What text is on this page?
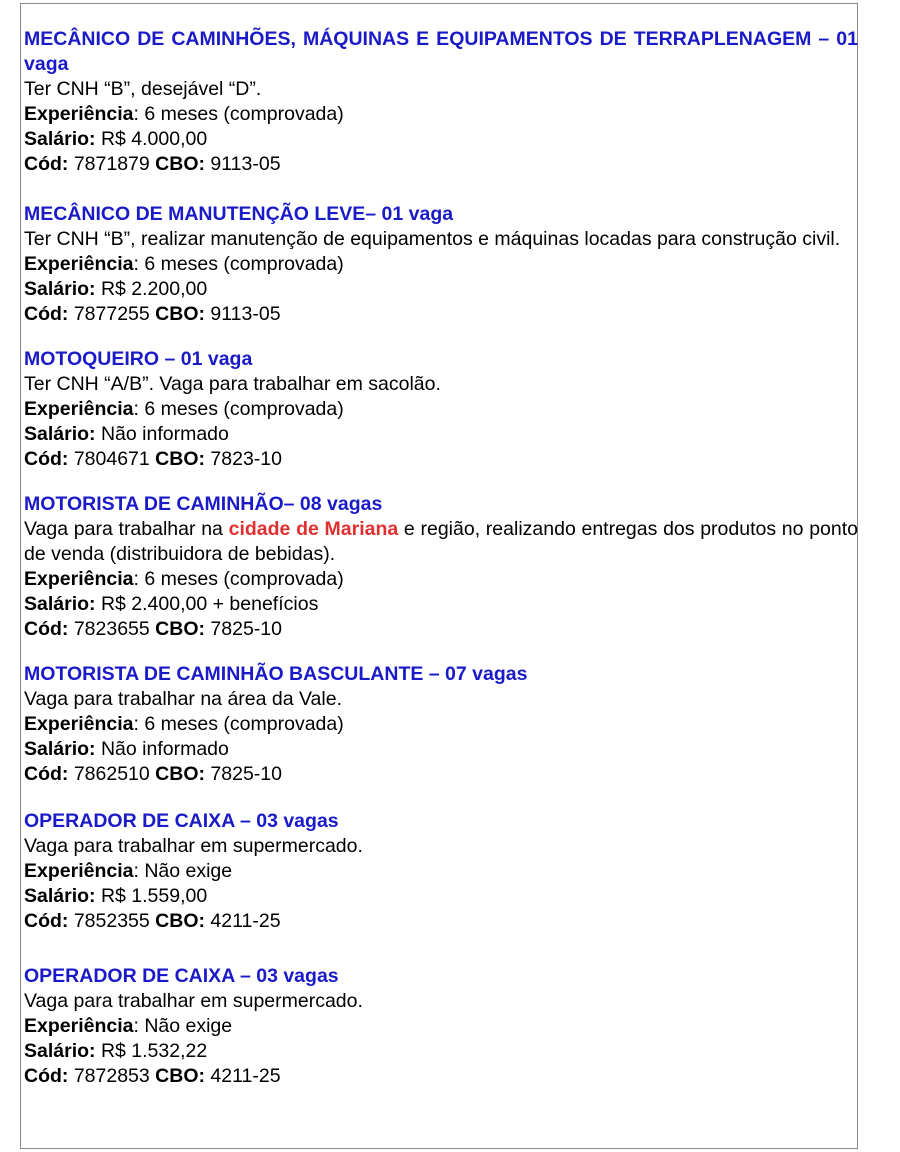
MECÂNICO DE CAMINHÕES, MÁQUINAS E EQUIPAMENTOS DE TERRAPLENAGEM – 01 vaga

Ter CNH “B”, desejável “D”.

Experiência: 6 meses (comprovada)

Salário: R$ 4.000,00

Cód: 7871879 CBO: 9113-05

MECÂNICO DE MANUTENÇÃO LEVE– 01 vaga

Ter CNH “B”, realizar manutenção de equipamentos e máquinas locadas para construção civil.

Experiência: 6 meses (comprovada)

Salário: R$ 2.200,00

Cód: 7877255 CBO: 9113-05

MOTOQUEIRO – 01 vaga

Ter CNH “A/B”. Vaga para trabalhar em sacolão.

Experiência: 6 meses (comprovada)

Salário: Não informado

Cód: 7804671 CBO: 7823-10

MOTORISTA DE CAMINHÃO– 08 vagas

Vaga para trabalhar na cidade de Mariana e região, realizando entregas dos produtos no ponto de venda (distribuidora de bebidas).

Experiência: 6 meses (comprovada)

Salário: R$ 2.400,00 + benefícios

Cód: 7823655 CBO: 7825-10

MOTORISTA DE CAMINHÃO BASCULANTE – 07 vagas

Vaga para trabalhar na área da Vale.

Experiência: 6 meses (comprovada)

Salário: Não informado

Cód: 7862510 CBO: 7825-10

OPERADOR DE CAIXA – 03 vagas

Vaga para trabalhar em supermercado.

Experiência: Não exige

Salário: R$ 1.559,00

Cód: 7852355 CBO: 4211-25

OPERADOR DE CAIXA – 03 vagas

Vaga para trabalhar em supermercado.

Experiência: Não exige

Salário: R$ 1.532,22

Cód: 7872853 CBO: 4211-25
